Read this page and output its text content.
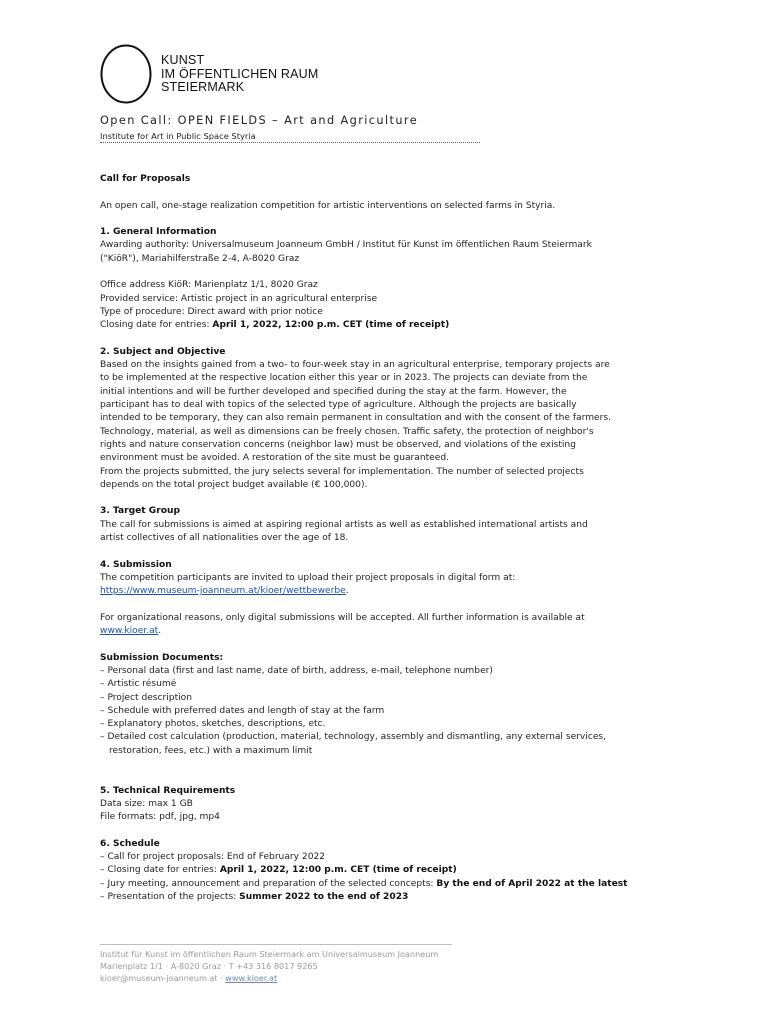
KUNST
IM ÖFFENTLICHEN RAUM
STEIERMARK
Open Call: OPEN FIELDS – Art and Agriculture
Institute for Art in Public Space Styria

Call for Proposals

An open call, one-stage realization competition for artistic interventions on selected farms in Styria.

1. General Information

Awarding authority: Universalmuseum Joanneum GmbH / Institut für Kunst im öffentlichen Raum Steiermark

("KiöR"), Mariahilferstraße 2-4, A-8020 Graz

Office address KiöR: Marienplatz 1/1, 8020 Graz

Provided service: Artistic project in an agricultural enterprise

Type of procedure: Direct award with prior notice

Closing date for entries: April 1, 2022, 12:00 p.m. CET (time of receipt)

2. Subject and Objective

Based on the insights gained from a two- to four-week stay in an agricultural enterprise, temporary projects are

to be implemented at the respective location either this year or in 2023. The projects can deviate from the

initial intentions and will be further developed and specified during the stay at the farm. However, the

participant has to deal with topics of the selected type of agriculture. Although the projects are basically

intended to be temporary, they can also remain permanent in consultation and with the consent of the farmers.

Technology, material, as well as dimensions can be freely chosen. Traffic safety, the protection of neighbor's

rights and nature conservation concerns (neighbor law) must be observed, and violations of the existing

environment must be avoided. A restoration of the site must be guaranteed.

From the projects submitted, the jury selects several for implementation. The number of selected projects

depends on the total project budget available (€ 100,000).

3. Target Group

The call for submissions is aimed at aspiring regional artists as well as established international artists and

artist collectives of all nationalities over the age of 18.

4. Submission

The competition participants are invited to upload their project proposals in digital form at:

https://www.museum-joanneum.at/kioer/wettbewerbe.

For organizational reasons, only digital submissions will be accepted. All further information is available at

www.kioer.at.

Submission Documents:

– Personal data (first and last name, date of birth, address, e-mail, telephone number)

– Artistic résumé

– Project description

– Schedule with preferred dates and length of stay at the farm

– Explanatory photos, sketches, descriptions, etc.

– Detailed cost calculation (production, material, technology, assembly and dismantling, any external services, restoration, fees, etc.) with a maximum limit

5. Technical Requirements

Data size: max 1 GB

File formats: pdf, jpg, mp4

6. Schedule

– Call for project proposals: End of February 2022

– Closing date for entries: April 1, 2022, 12:00 p.m. CET (time of receipt)

– Jury meeting, announcement and preparation of the selected concepts: By the end of April 2022 at the latest

– Presentation of the projects: Summer 2022 to the end of 2023

Institut für Kunst im öffentlichen Raum Steiermark am Universalmuseum Joanneum
Marienplatz 1/1 · A-8020 Graz · T +43 316 8017 9265
kioer@museum-joanneum.at · www.kioer.at
